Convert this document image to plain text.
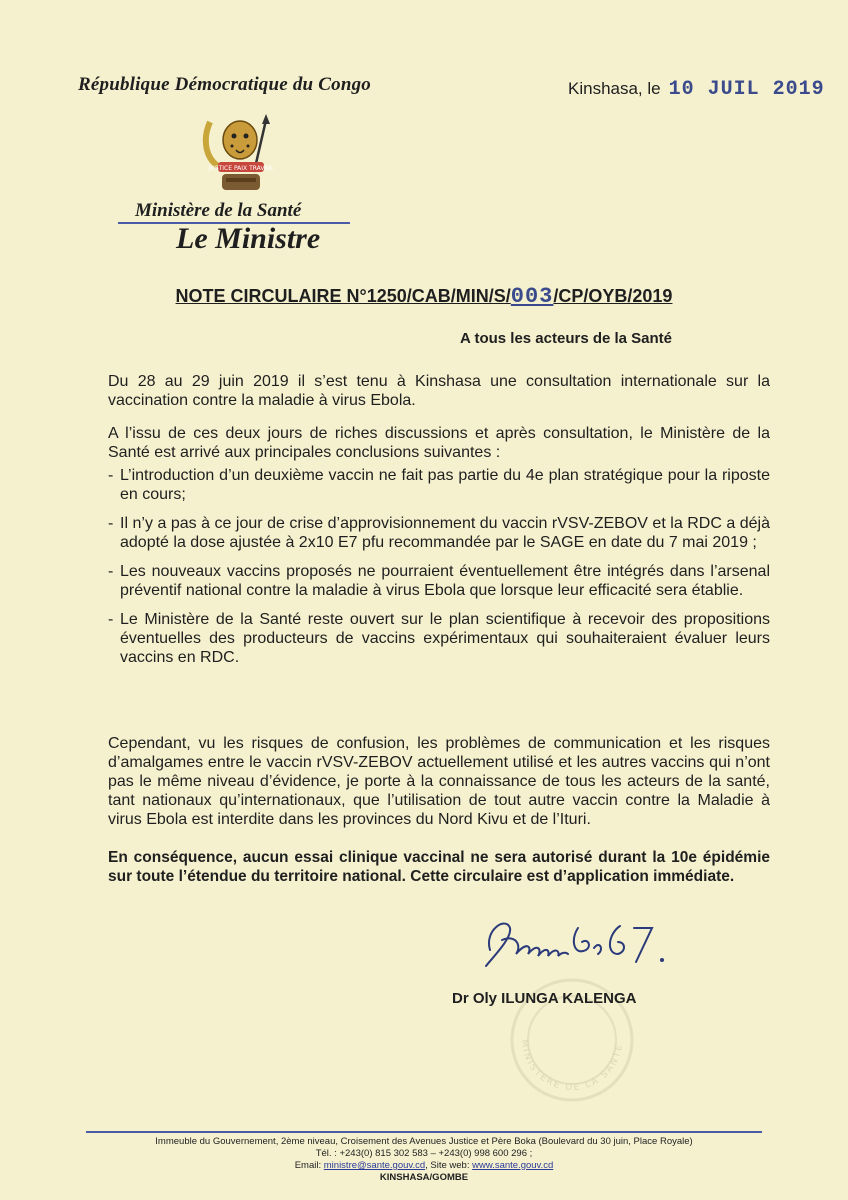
République Démocratique du Congo	Kinshasa, le 10 JUIL 2019
JUSTICE PAIX TRAVAIL
Ministère de la Santé
Le Ministre
NOTE CIRCULAIRE N°1250/CAB/MIN/S/003/CP/OYB/2019
A tous les acteurs de la Santé
Du 28 au 29 juin 2019 il s’est tenu à Kinshasa une consultation internationale sur la vaccination contre la maladie à virus Ebola.
A l’issu de ces deux jours de riches discussions et après consultation, le Ministère de la Santé est arrivé aux principales conclusions suivantes :
- L’introduction d’un deuxième vaccin ne fait pas partie du 4e plan stratégique pour la riposte en cours;
- Il n’y a pas à ce jour de crise d’approvisionnement du vaccin rVSV-ZEBOV et la RDC a déjà adopté la dose ajustée à 2x10 E7 pfu recommandée par le SAGE en date du 7 mai 2019 ;
- Les nouveaux vaccins proposés ne pourraient éventuellement être intégrés dans l’arsenal préventif national contre la maladie à virus Ebola que lorsque leur efficacité sera établie.
- Le Ministère de la Santé reste ouvert sur le plan scientifique à recevoir des propositions éventuelles des producteurs de vaccins expérimentaux qui souhaiteraient évaluer leurs vaccins en RDC.
Cependant, vu les risques de confusion, les problèmes de communication et les risques d’amalgames entre le vaccin rVSV-ZEBOV actuellement utilisé et les autres vaccins qui n’ont pas le même niveau d’évidence, je porte à la connaissance de tous les acteurs de la santé, tant nationaux qu’internationaux, que l’utilisation de tout autre vaccin contre la Maladie à virus Ebola est interdite dans les provinces du Nord Kivu et de l’Ituri.
En conséquence, aucun essai clinique vaccinal ne sera autorisé durant la 10e épidémie sur toute l’étendue du territoire national. Cette circulaire est d’application immédiate.
MINISTERE DE LA SANTE
Dr Oly ILUNGA KALENGA
Immeuble du Gouvernement, 2ème niveau, Croisement des Avenues Justice et Père Boka (Boulevard du 30 juin, Place Royale)
Tél. : +243(0) 815 302 583 – +243(0) 998 600 296 ;
Email: ministre@sante.gouv.cd, Site web: www.sante.gouv.cd
KINSHASA/GOMBE
